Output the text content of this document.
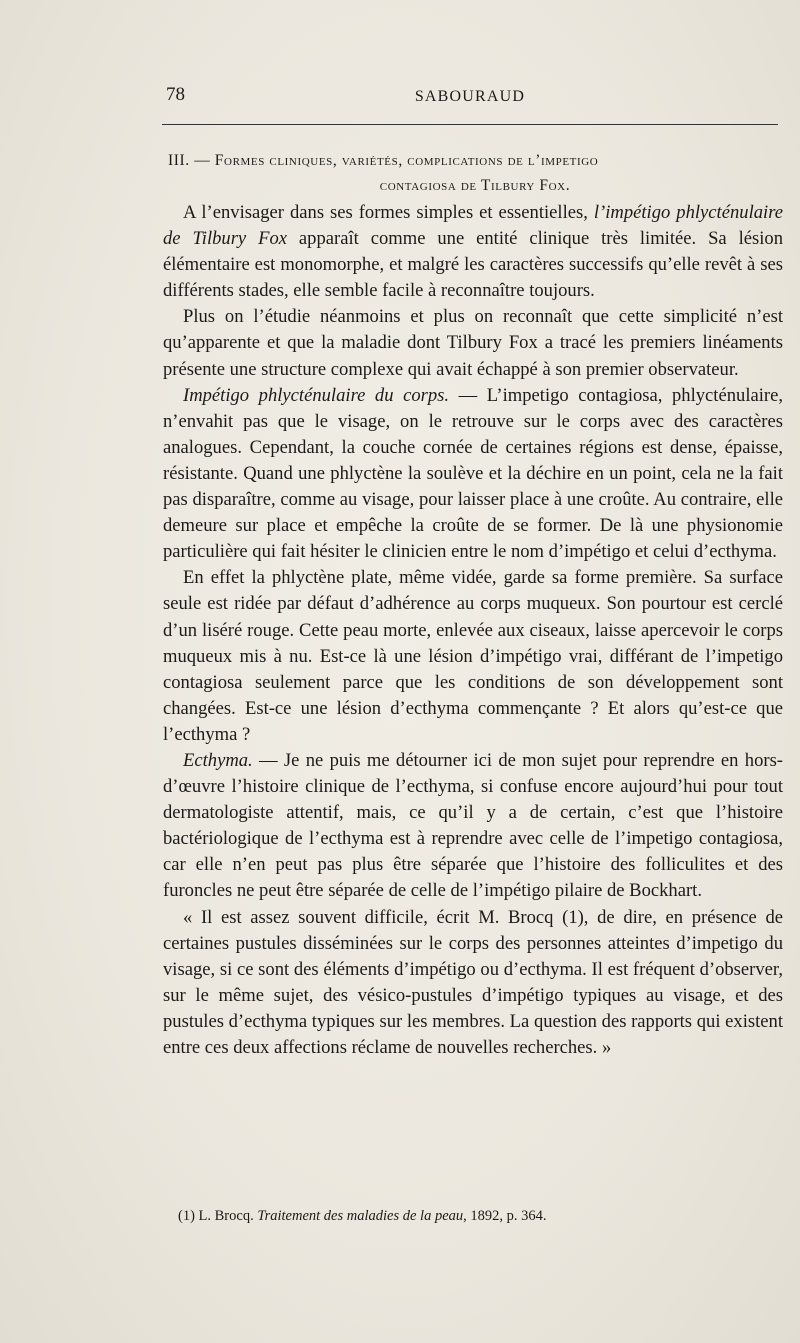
78	SABOURAUD
III. — Formes cliniques, variétés, complications de l’impetigo
contagiosa de Tilbury Fox.

A l’envisager dans ses formes simples et essentielles, l’impétigo phlycténulaire de Tilbury Fox apparaît comme une entité clinique très limitée. Sa lésion élémentaire est monomorphe, et malgré les caractères successifs qu’elle revêt à ses différents stades, elle semble facile à reconnaître toujours.

Plus on l’étudie néanmoins et plus on reconnaît que cette simplicité n’est qu’apparente et que la maladie dont Tilbury Fox a tracé les premiers linéaments présente une structure complexe qui avait échappé à son premier observateur.

Impétigo phlycténulaire du corps. — L’impetigo contagiosa, phlycténulaire, n’envahit pas que le visage, on le retrouve sur le corps avec des caractères analogues. Cependant, la couche cornée de certaines régions est dense, épaisse, résistante. Quand une phlyctène la soulève et la déchire en un point, cela ne la fait pas disparaître, comme au visage, pour laisser place à une croûte. Au contraire, elle demeure sur place et empêche la croûte de se former. De là une physionomie particulière qui fait hésiter le clinicien entre le nom d’impétigo et celui d’ecthyma.

En effet la phlyctène plate, même vidée, garde sa forme première. Sa surface seule est ridée par défaut d’adhérence au corps muqueux. Son pourtour est cerclé d’un liséré rouge. Cette peau morte, enlevée aux ciseaux, laisse apercevoir le corps muqueux mis à nu. Est-ce là une lésion d’impétigo vrai, différant de l’impetigo contagiosa seulement parce que les conditions de son développement sont changées. Est-ce une lésion d’ecthyma commençante ? Et alors qu’est-ce que l’ecthyma ?

Ecthyma. — Je ne puis me détourner ici de mon sujet pour reprendre en hors-d’œuvre l’histoire clinique de l’ecthyma, si confuse encore aujourd’hui pour tout dermatologiste attentif, mais, ce qu’il y a de certain, c’est que l’histoire bactériologique de l’ecthyma est à reprendre avec celle de l’impetigo contagiosa, car elle n’en peut pas plus être séparée que l’histoire des folliculites et des furoncles ne peut être séparée de celle de l’impétigo pilaire de Bockhart.

« Il est assez souvent difficile, écrit M. Brocq (1), de dire, en présence de certaines pustules disséminées sur le corps des personnes atteintes d’impetigo du visage, si ce sont des éléments d’impétigo ou d’ecthyma. Il est fréquent d’observer, sur le même sujet, des vésico-pustules d’impétigo typiques au visage, et des pustules d’ecthyma typiques sur les membres. La question des rapports qui existent entre ces deux affections réclame de nouvelles recherches. »

(1) L. Brocq. Traitement des maladies de la peau, 1892, p. 364.
